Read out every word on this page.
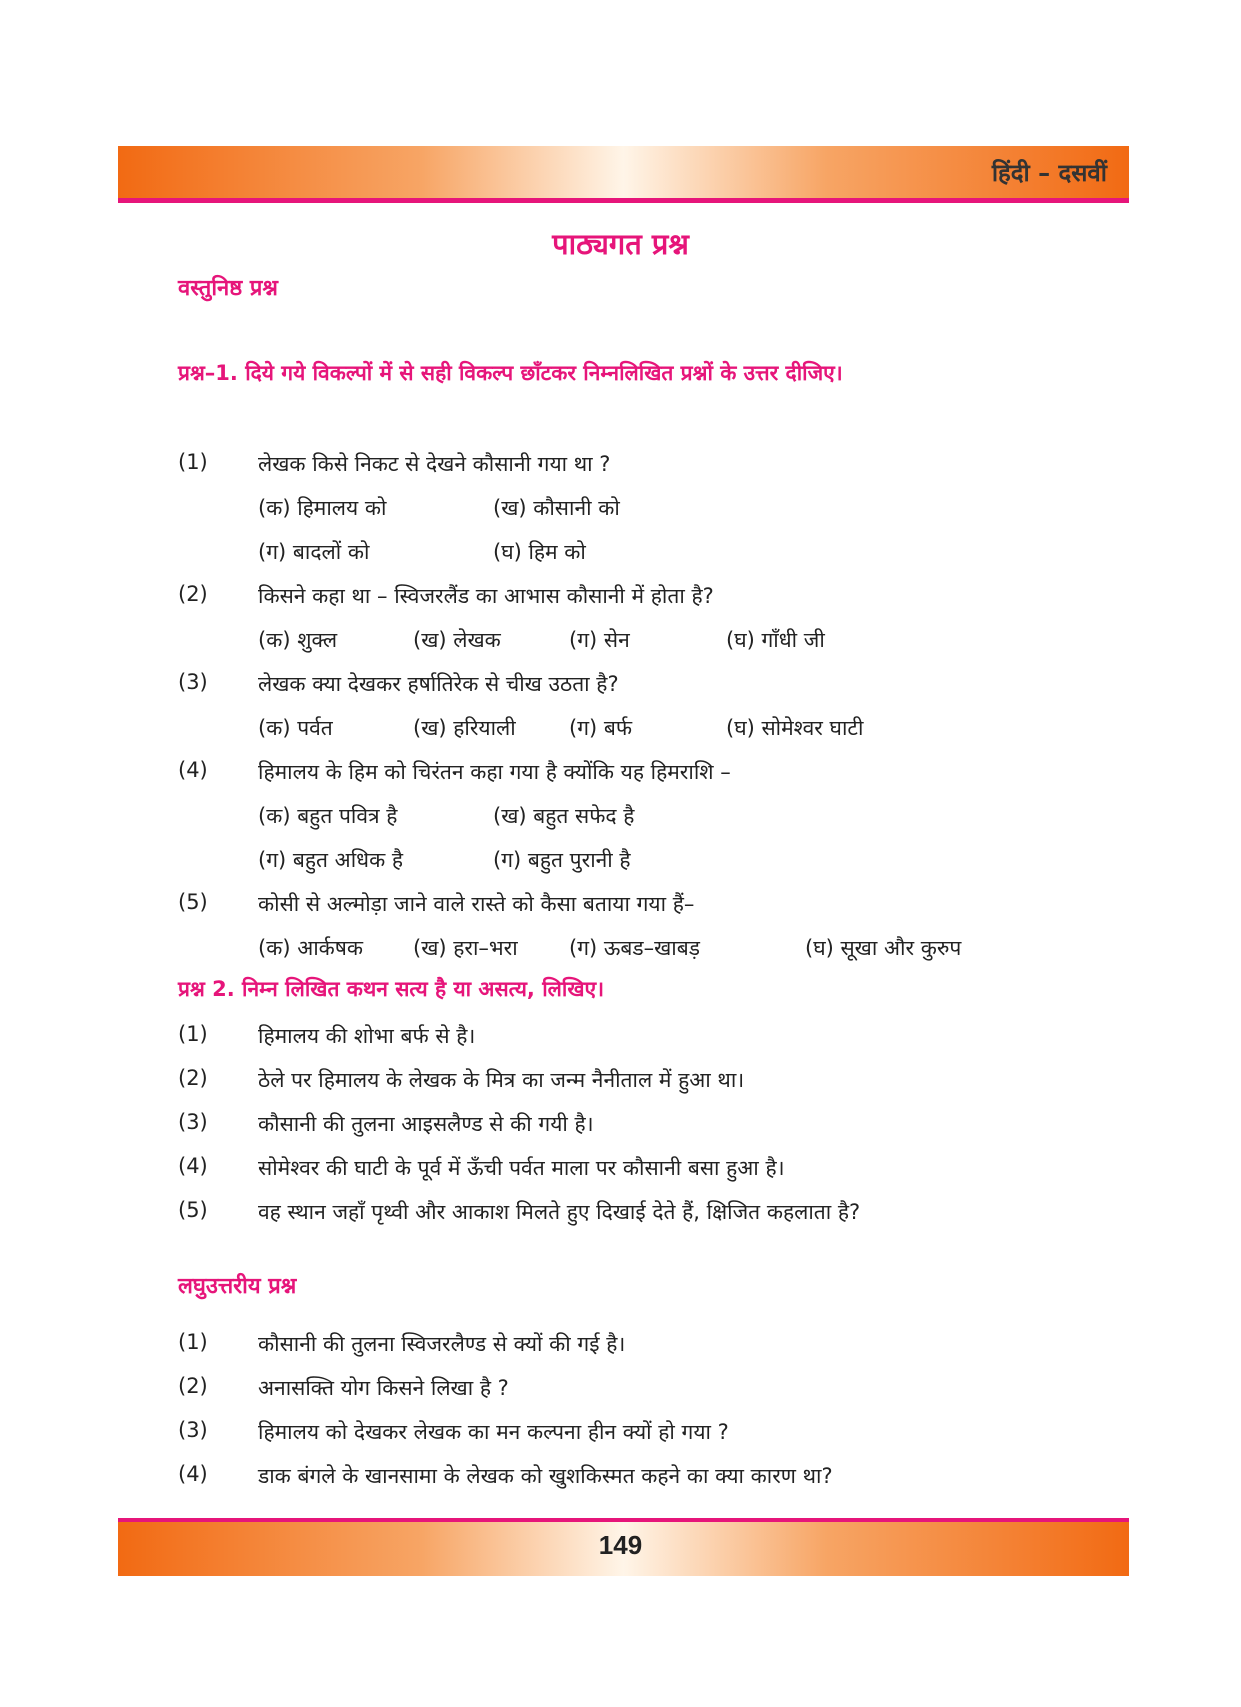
हिंदी – दसवीं
पाठ्यगत प्रश्न
वस्तुनिष्ठ प्रश्न
प्रश्न–1. दिये गये विकल्पों में से सही विकल्प छाँटकर निम्नलिखित प्रश्नों के उत्तर दीजिए।
(1) लेखक किसे निकट से देखने कौसानी गया था ?
(क) हिमालय को	(ख) कौसानी को
(ग) बादलों को	(घ) हिम को
(2) किसने कहा था – स्विजरलैंड का आभास कौसानी में होता है?
(क) शुक्ल	(ख) लेखक	(ग) सेन	(घ) गाँधी जी
(3) लेखक क्या देखकर हर्षातिरेक से चीख उठता है?
(क) पर्वत	(ख) हरियाली	(ग) बर्फ	(घ) सोमेश्वर घाटी
(4) हिमालय के हिम को चिरंतन कहा गया है क्योंकि यह हिमराशि –
(क) बहुत पवित्र है	(ख) बहुत सफेद है
(ग) बहुत अधिक है	(ग) बहुत पुरानी है
(5) कोसी से अल्मोड़ा जाने वाले रास्ते को कैसा बताया गया हैं–
(क) आर्कषक (ख) हरा–भरा (ग) ऊबड–खाबड़	(घ) सूखा और कुरुप
प्रश्न 2. निम्न लिखित कथन सत्य है या असत्य, लिखिए।
(1) हिमालय की शोभा बर्फ से है।
(2) ठेले पर हिमालय के लेखक के मित्र का जन्म नैनीताल में हुआ था।
(3) कौसानी की तुलना आइसलैण्ड से की गयी है।
(4) सोमेश्वर की घाटी के पूर्व में ऊँची पर्वत माला पर कौसानी बसा हुआ है।
(5) वह स्थान जहाँ पृथ्वी और आकाश मिलते हुए दिखाई देते हैं, क्षिजित कहलाता है?
लघुउत्तरीय प्रश्न
(1) कौसानी की तुलना स्विजरलैण्ड से क्यों की गई है।
(2) अनासक्ति योग किसने लिखा है ?
(3) हिमालय को देखकर लेखक का मन कल्पना हीन क्यों हो गया ?
(4) डाक बंगले के खानसामा के लेखक को खुशकिस्मत कहने का क्या कारण था?
149
